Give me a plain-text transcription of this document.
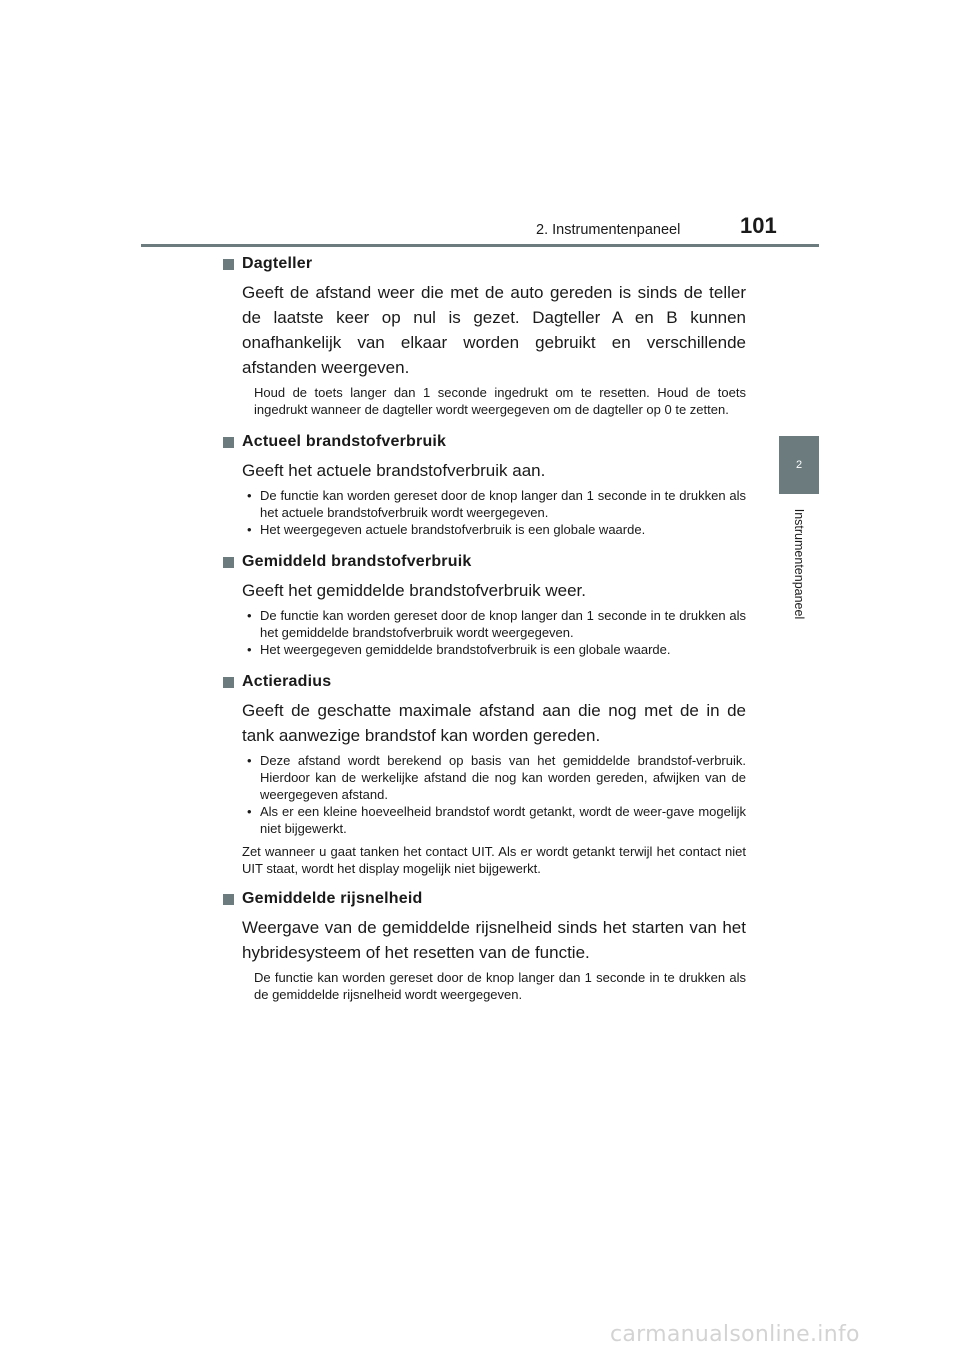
2. Instrumentenpaneel	101
2
Instrumentenpaneel
Dagteller

Geeft de afstand weer die met de auto gereden is sinds de teller de laatste keer op nul is gezet. Dagteller A en B kunnen onafhankelijk van elkaar worden gebruikt en verschillende afstanden weergeven.

Houd de toets langer dan 1 seconde ingedrukt om te resetten. Houd de toets ingedrukt wanneer de dagteller wordt weergegeven om de dagteller op 0 te zetten.

Actueel brandstofverbruik

Geeft het actuele brandstofverbruik aan.

• De functie kan worden gereset door de knop langer dan 1 seconde in te drukken als het actuele brandstofverbruik wordt weergegeven.
• Het weergegeven actuele brandstofverbruik is een globale waarde.
Gemiddeld brandstofverbruik

Geeft het gemiddelde brandstofverbruik weer.

• De functie kan worden gereset door de knop langer dan 1 seconde in te drukken als het gemiddelde brandstofverbruik wordt weergegeven.
• Het weergegeven gemiddelde brandstofverbruik is een globale waarde.
Actieradius

Geeft de geschatte maximale afstand aan die nog met de in de tank aanwezige brandstof kan worden gereden.

• Deze afstand wordt berekend op basis van het gemiddelde brandstof-verbruik. Hierdoor kan de werkelijke afstand die nog kan worden gereden, afwijken van de weergegeven afstand.
• Als er een kleine hoeveelheid brandstof wordt getankt, wordt de weer-gave mogelijk niet bijgewerkt.

Zet wanneer u gaat tanken het contact UIT. Als er wordt getankt terwijl het contact niet UIT staat, wordt het display mogelijk niet bijgewerkt.

Gemiddelde rijsnelheid

Weergave van de gemiddelde rijsnelheid sinds het starten van het hybridesysteem of het resetten van de functie.

De functie kan worden gereset door de knop langer dan 1 seconde in te drukken als de gemiddelde rijsnelheid wordt weergegeven.

carmanualsonline.info
